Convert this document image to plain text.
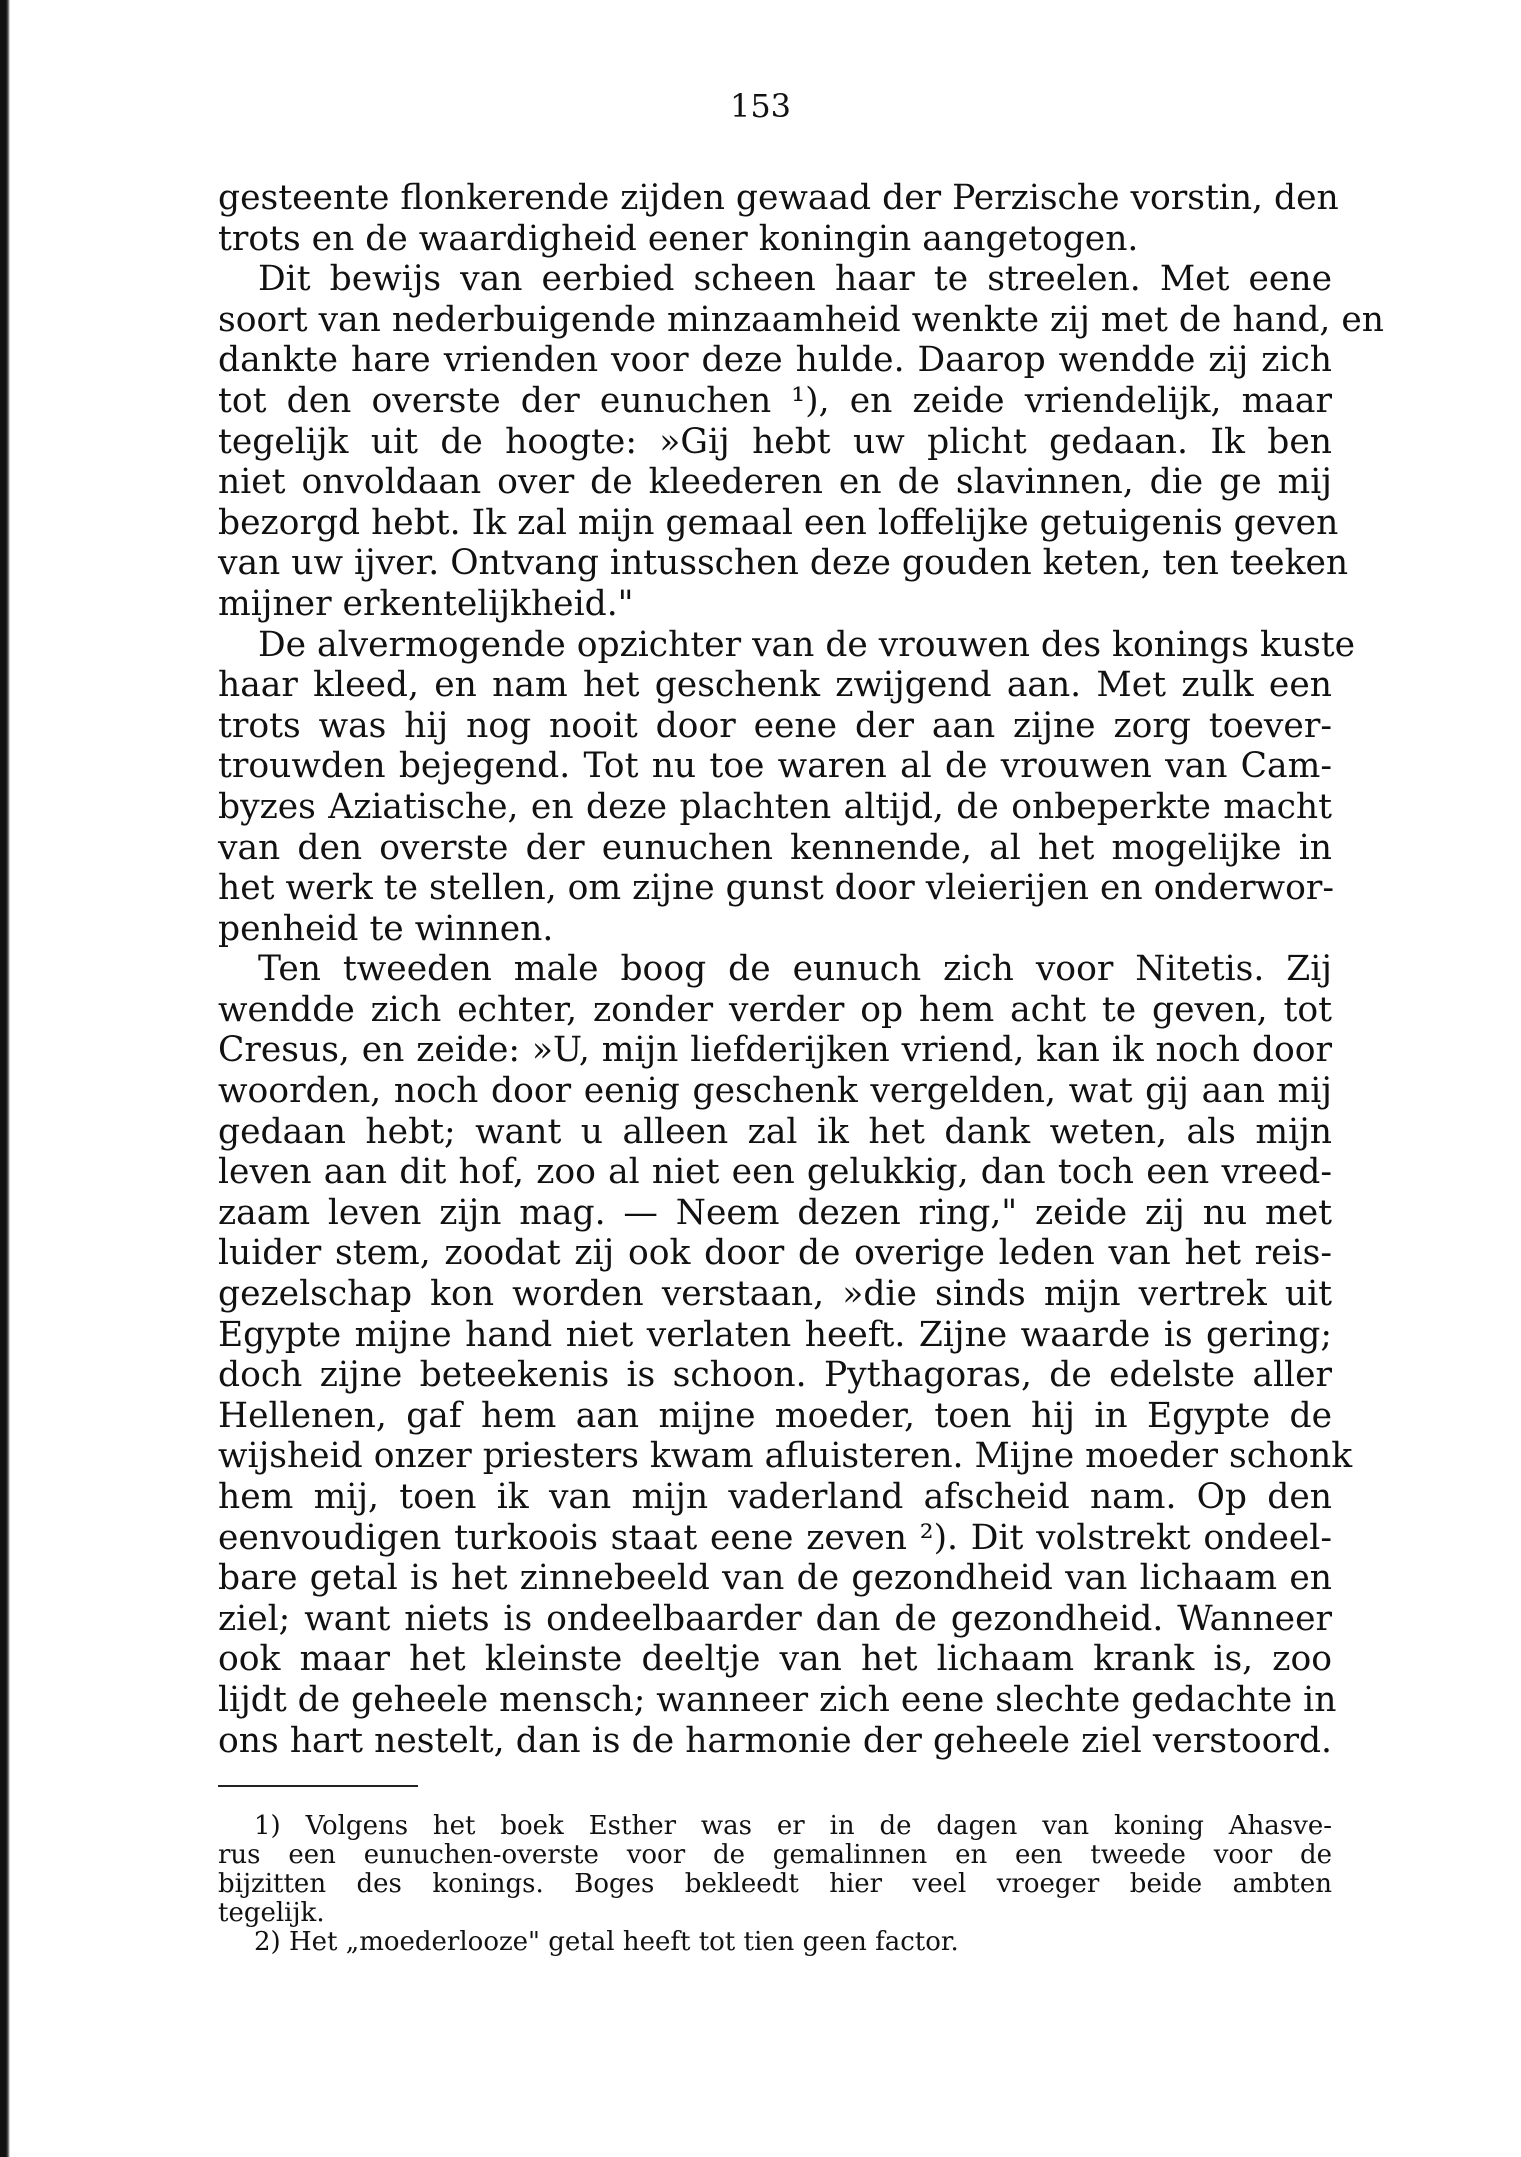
153
gesteente flonkerende zijden gewaad der Perzische vorstin, den
trots en de waardigheid eener koningin aangetogen.
Dit bewijs van eerbied scheen haar te streelen. Met eene
soort van nederbuigende minzaamheid wenkte zij met de hand, en
dankte hare vrienden voor deze hulde. Daarop wendde zij zich
tot den overste der eunuchen ¹), en zeide vriendelijk, maar
tegelijk uit de hoogte: »Gij hebt uw plicht gedaan. Ik ben
niet onvoldaan over de kleederen en de slavinnen, die ge mij
bezorgd hebt. Ik zal mijn gemaal een loffelijke getuigenis geven
van uw ijver. Ontvang intusschen deze gouden keten, ten teeken
mijner erkentelijkheid."
De alvermogende opzichter van de vrouwen des konings kuste
haar kleed, en nam het geschenk zwijgend aan. Met zulk een
trots was hij nog nooit door eene der aan zijne zorg toever-
trouwden bejegend. Tot nu toe waren al de vrouwen van Cam-
byzes Aziatische, en deze plachten altijd, de onbeperkte macht
van den overste der eunuchen kennende, al het mogelijke in
het werk te stellen, om zijne gunst door vleierijen en onderwor-
penheid te winnen.
Ten tweeden male boog de eunuch zich voor Nitetis. Zij
wendde zich echter, zonder verder op hem acht te geven, tot
Cresus, en zeide: »U, mijn liefderijken vriend, kan ik noch door
woorden, noch door eenig geschenk vergelden, wat gij aan mij
gedaan hebt; want u alleen zal ik het dank weten, als mijn
leven aan dit hof, zoo al niet een gelukkig, dan toch een vreed-
zaam leven zijn mag. — Neem dezen ring," zeide zij nu met
luider stem, zoodat zij ook door de overige leden van het reis-
gezelschap kon worden verstaan, »die sinds mijn vertrek uit
Egypte mijne hand niet verlaten heeft. Zijne waarde is gering;
doch zijne beteekenis is schoon. Pythagoras, de edelste aller
Hellenen, gaf hem aan mijne moeder, toen hij in Egypte de
wijsheid onzer priesters kwam afluisteren. Mijne moeder schonk
hem mij, toen ik van mijn vaderland afscheid nam. Op den
eenvoudigen turkoois staat eene zeven ²). Dit volstrekt ondeel-
bare getal is het zinnebeeld van de gezondheid van lichaam en
ziel; want niets is ondeelbaarder dan de gezondheid. Wanneer
ook maar het kleinste deeltje van het lichaam krank is, zoo
lijdt de geheele mensch; wanneer zich eene slechte gedachte in
ons hart nestelt, dan is de harmonie der geheele ziel verstoord.
1) Volgens het boek Esther was er in de dagen van koning Ahasve-
rus een eunuchen-overste voor de gemalinnen en een tweede voor de
bijzitten des konings. Boges bekleedt hier veel vroeger beide ambten
tegelijk.
2) Het „moederlooze" getal heeft tot tien geen factor.
